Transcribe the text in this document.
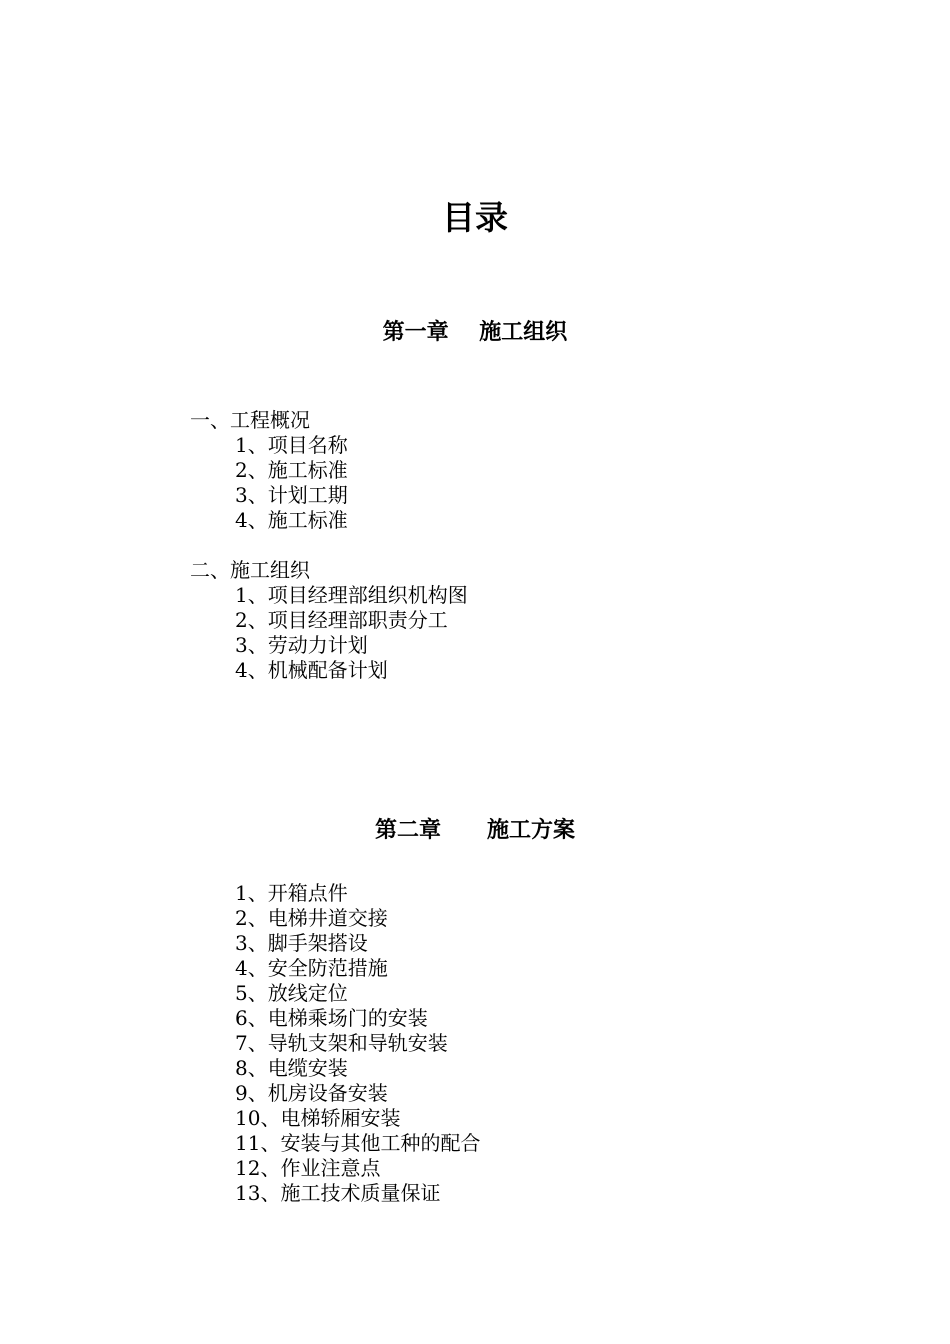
目录
第一章    施工组织
一、工程概况
1、项目名称
2、施工标准
3、计划工期
4、施工标准
二、施工组织
1、项目经理部组织机构图
2、项目经理部职责分工
3、劳动力计划
4、机械配备计划
第二章      施工方案
1、开箱点件
2、电梯井道交接
3、脚手架搭设
4、安全防范措施
5、放线定位
6、电梯乘场门的安装
7、导轨支架和导轨安装
8、电缆安装
9、机房设备安装
10、电梯轿厢安装
11、安装与其他工种的配合
12、作业注意点
13、施工技术质量保证
